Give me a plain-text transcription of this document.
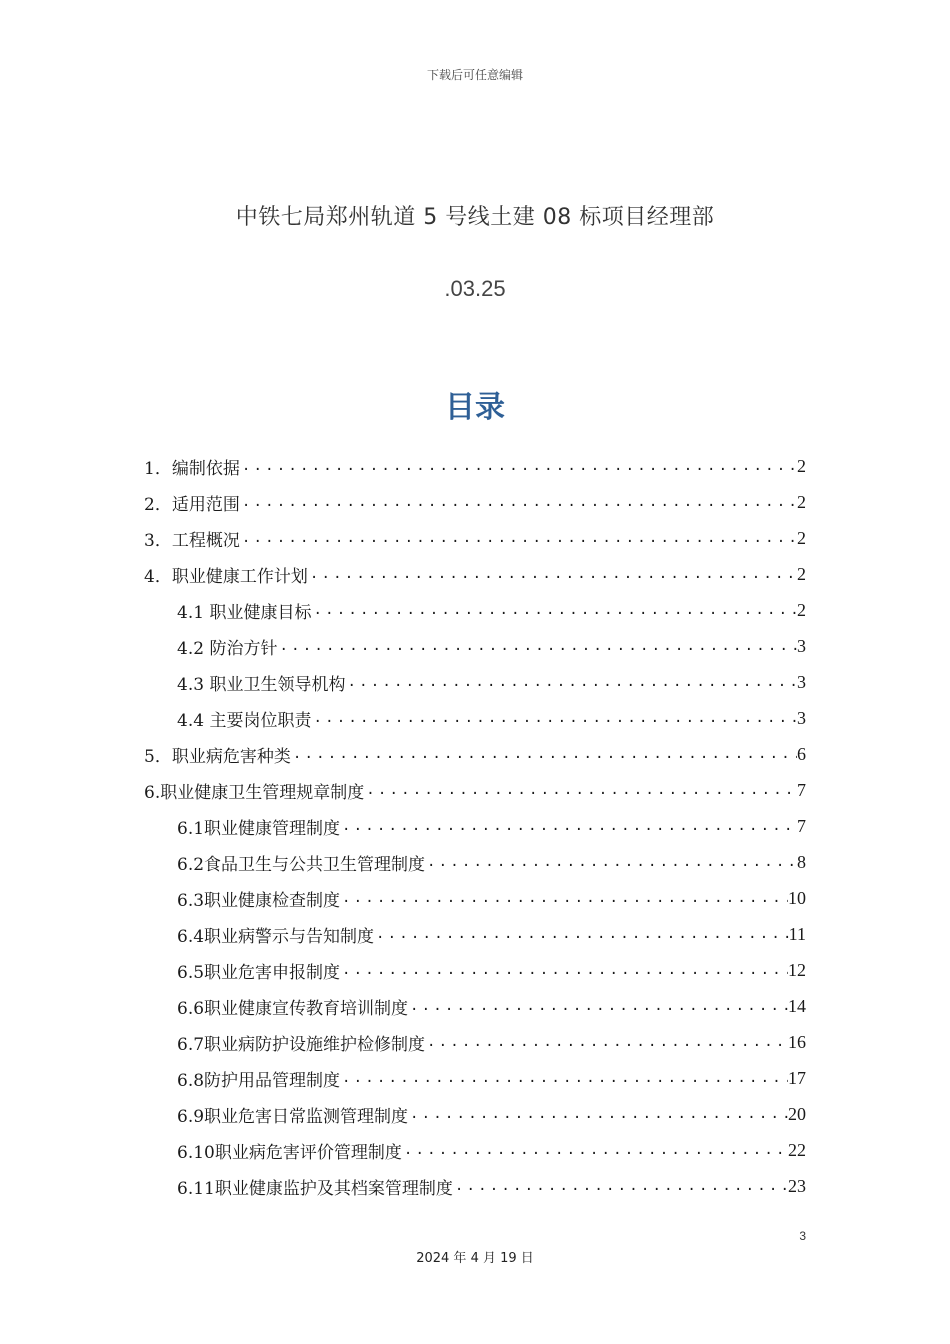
下载后可任意编辑
中铁七局郑州轨道 5 号线土建 08 标项目经理部
.03.25
目录
1．编制依据 .....	2
2．适用范围 .....	2
3．工程概况 .....	2
4．职业健康工作计划 .....	2
4.1 职业健康目标 .....	2
4.2 防治方针 .....	3
4.3 职业卫生领导机构 .....	3
4.4 主要岗位职责 .....	3
5．职业病危害种类 .....	6
6.职业健康卫生管理规章制度 .....	7
6.1职业健康管理制度 .....	7
6.2食品卫生与公共卫生管理制度 .....	8
6.3职业健康检查制度 .....	10
6.4职业病警示与告知制度 .....	11
6.5职业危害申报制度 .....	12
6.6职业健康宣传教育培训制度 .....	14
6.7职业病防护设施维护检修制度 .....	16
6.8防护用品管理制度 .....	17
6.9职业危害日常监测管理制度 .....	20
6.10职业病危害评价管理制度 .....	22
6.11职业健康监护及其档案管理制度 .....	23
3
2024 年 4 月 19 日
